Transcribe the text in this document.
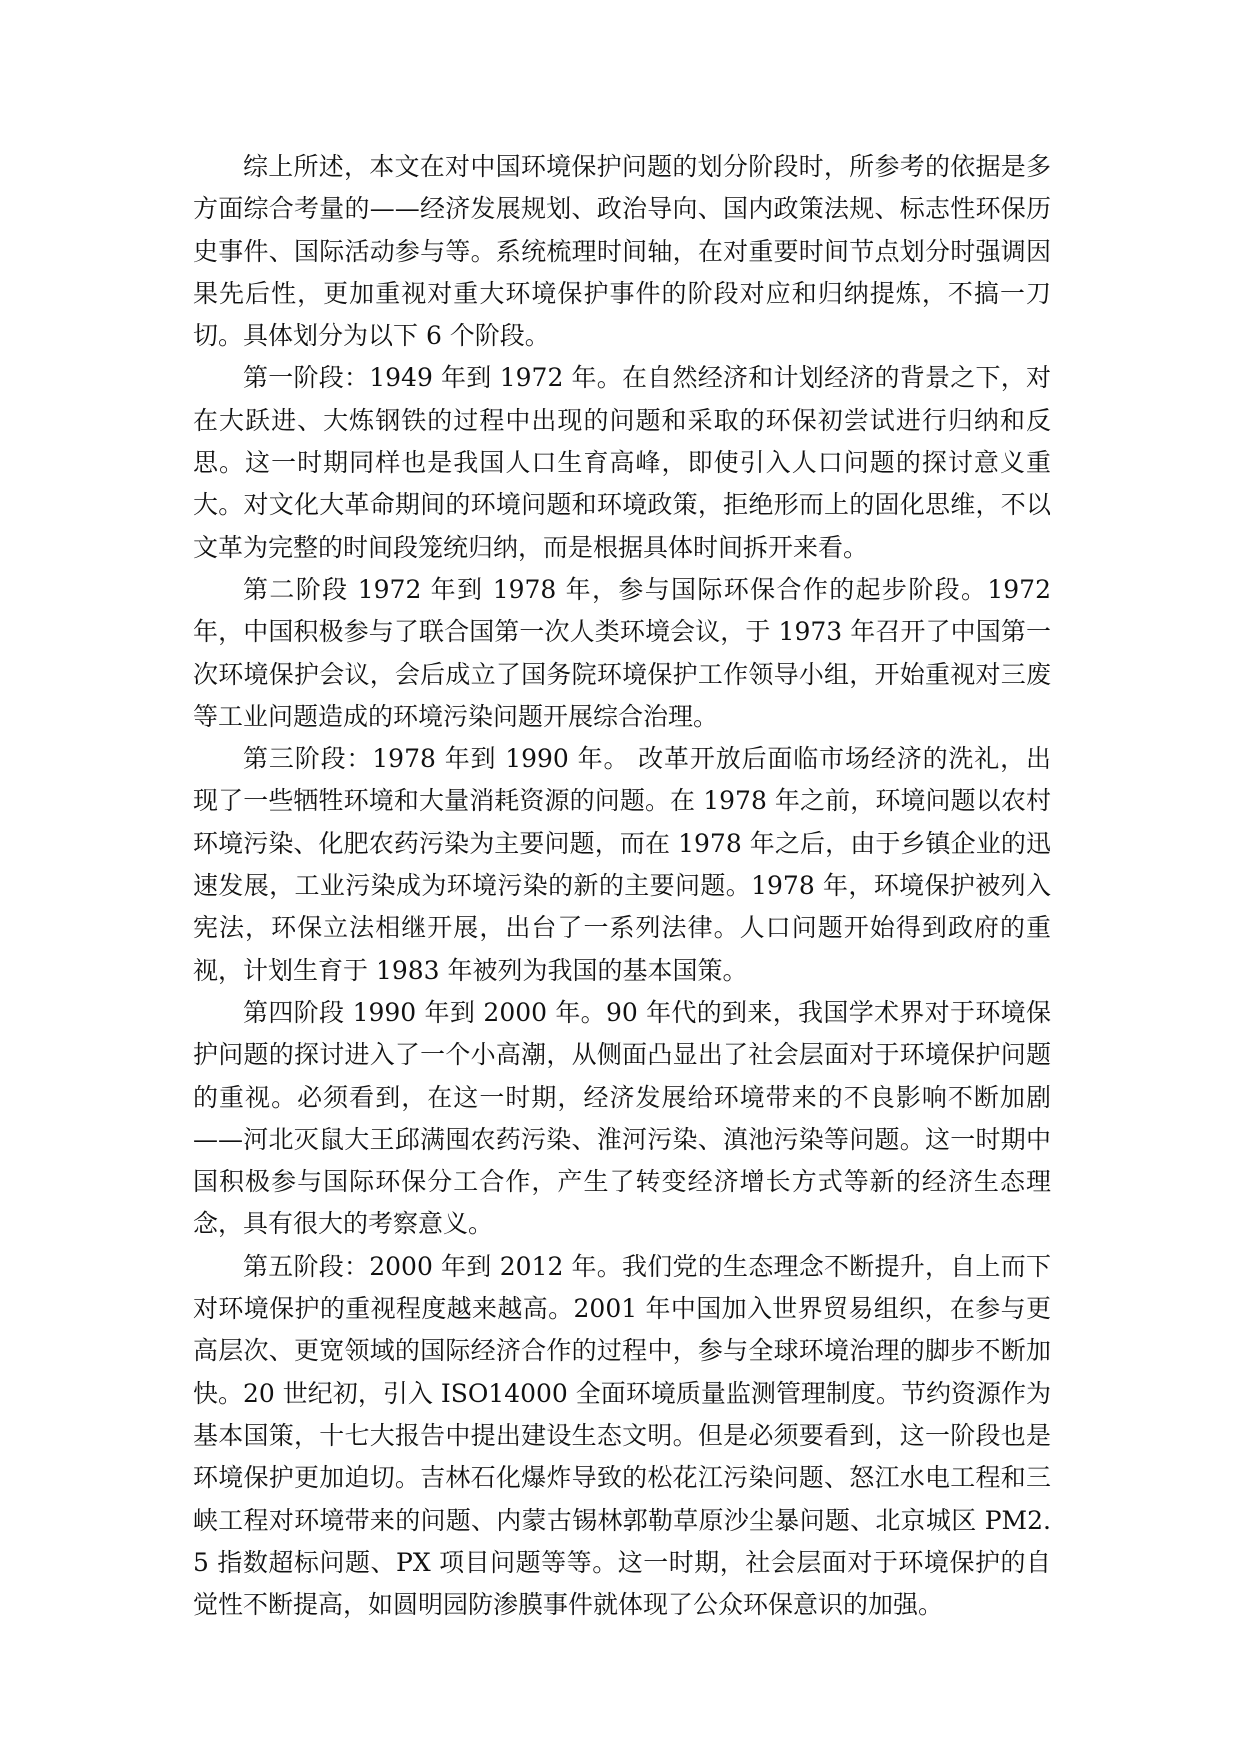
综上所述，本文在对中国环境保护问题的划分阶段时，所参考的依据是多方面综合考量的——经济发展规划、政治导向、国内政策法规、标志性环保历史事件、国际活动参与等。系统梳理时间轴，在对重要时间节点划分时强调因果先后性，更加重视对重大环境保护事件的阶段对应和归纳提炼，不搞一刀切。具体划分为以下 6 个阶段。

第一阶段：1949 年到 1972 年。在自然经济和计划经济的背景之下，对在大跃进、大炼钢铁的过程中出现的问题和采取的环保初尝试进行归纳和反思。这一时期同样也是我国人口生育高峰，即使引入人口问题的探讨意义重大。对文化大革命期间的环境问题和环境政策，拒绝形而上的固化思维，不以文革为完整的时间段笼统归纳，而是根据具体时间拆开来看。

第二阶段 1972 年到 1978 年，参与国际环保合作的起步阶段。1972 年，中国积极参与了联合国第一次人类环境会议，于 1973 年召开了中国第一次环境保护会议，会后成立了国务院环境保护工作领导小组，开始重视对三废等工业问题造成的环境污染问题开展综合治理。

第三阶段：1978 年到 1990 年。 改革开放后面临市场经济的洗礼，出现了一些牺牲环境和大量消耗资源的问题。在 1978 年之前，环境问题以农村环境污染、化肥农药污染为主要问题，而在 1978 年之后，由于乡镇企业的迅速发展，工业污染成为环境污染的新的主要问题。1978 年，环境保护被列入宪法，环保立法相继开展，出台了一系列法律。人口问题开始得到政府的重视，计划生育于 1983 年被列为我国的基本国策。

第四阶段 1990 年到 2000 年。90 年代的到来，我国学术界对于环境保护问题的探讨进入了一个小高潮，从侧面凸显出了社会层面对于环境保护问题的重视。必须看到，在这一时期，经济发展给环境带来的不良影响不断加剧——河北灭鼠大王邱满囤农药污染、淮河污染、滇池污染等问题。这一时期中国积极参与国际环保分工合作，产生了转变经济增长方式等新的经济生态理念，具有很大的考察意义。

第五阶段：2000 年到 2012 年。我们党的生态理念不断提升，自上而下对环境保护的重视程度越来越高。2001 年中国加入世界贸易组织，在参与更高层次、更宽领域的国际经济合作的过程中，参与全球环境治理的脚步不断加快。20 世纪初，引入 ISO14000 全面环境质量监测管理制度。节约资源作为基本国策，十七大报告中提出建设生态文明。但是必须要看到，这一阶段也是环境保护更加迫切。吉林石化爆炸导致的松花江污染问题、怒江水电工程和三峡工程对环境带来的问题、内蒙古锡林郭勒草原沙尘暴问题、北京城区 PM2.5 指数超标问题、PX 项目问题等等。这一时期，社会层面对于环境保护的自觉性不断提高，如圆明园防渗膜事件就体现了公众环保意识的加强。
